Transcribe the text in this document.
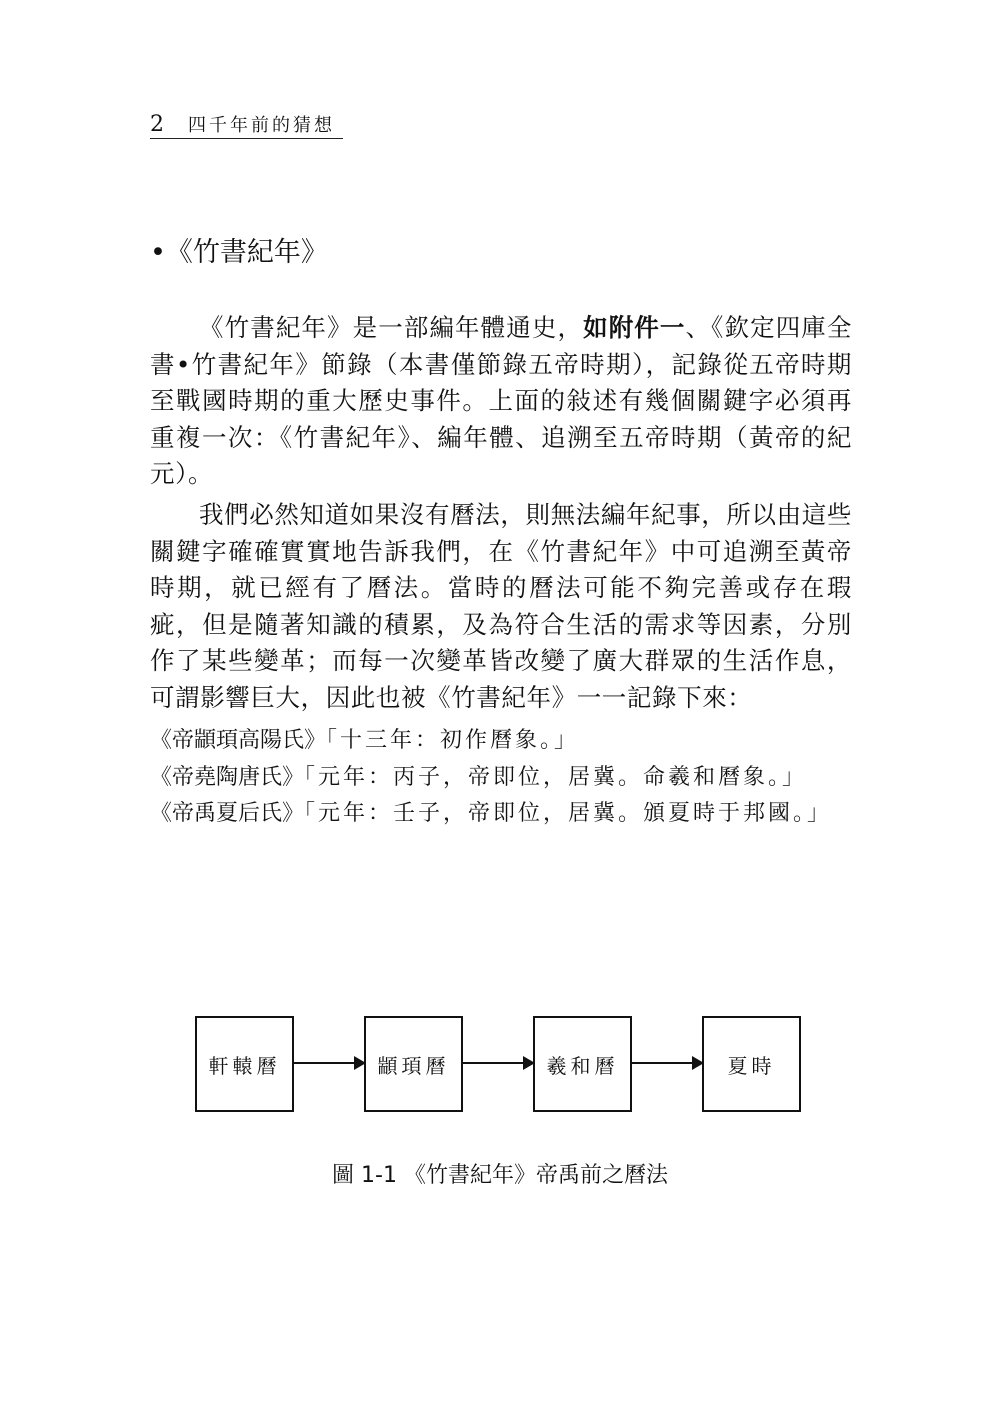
2 四千年前的猜想
•《竹書紀年》

《竹書紀年》是一部編年體通史，如附件一、《欽定四庫全書•竹書紀年》節錄（本書僅節錄五帝時期），記錄從五帝時期至戰國時期的重大歷史事件。上面的敍述有幾個關鍵字必須再重複一次：《竹書紀年》、編年體、追溯至五帝時期（黃帝的紀元）。

我們必然知道如果沒有曆法，則無法編年紀事，所以由這些關鍵字確確實實地告訴我們，在《竹書紀年》中可追溯至黃帝時期，就已經有了曆法。當時的曆法可能不夠完善或存在瑕疵，但是隨著知識的積累，及為符合生活的需求等因素，分別作了某些變革；而每一次變革皆改變了廣大群眾的生活作息，可謂影響巨大，因此也被《竹書紀年》一一記錄下來：

《帝顓頊高陽氏》「十三年：初作曆象。」
《帝堯陶唐氏》「元年：丙子，帝即位，居冀。命羲和曆象。」
《帝禹夏后氏》「元年：壬子，帝即位，居冀。頒夏時于邦國。」
軒轅曆	顓頊曆	羲和曆	夏時
圖 1-1 《竹書紀年》帝禹前之曆法
